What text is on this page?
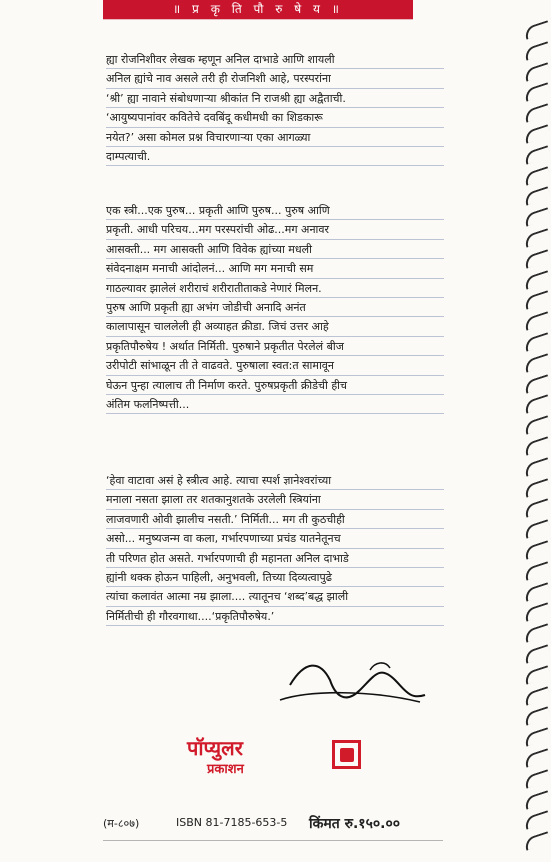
॥ प्र कृ ति पौ रु षे य ॥
ह्या रोजनिशीवर लेखक म्हणून अनिल दाभाडे आणि शायली
अनिल ह्यांचे नाव असले तरी ही रोजनिशी आहे, परस्परांना
‘श्री’ ह्या नावाने संबोधणाऱ्या श्रीकांत नि राजश्री ह्या अद्वैताची.
‘आयुष्यपानांवर कवितेचे दवबिंदू कधीमधी का शिडकारू
नयेत?’ असा कोमल प्रश्न विचारणाऱ्या एका आगळ्या
दाम्पत्याची.
एक स्त्री...एक पुरुष... प्रकृती आणि पुरुष... पुरुष आणि
प्रकृती. आधी परिचय...मग परस्परांची ओढ...मग अनावर
आसक्ती... मग आसक्ती आणि विवेक ह्यांच्या मधली
संवेदनाक्षम मनाची आंदोलनं... आणि मग मनाची सम
गाठल्यावर झालेलं शरीराचं शरीरातीताकडे नेणारं मिलन.
पुरुष आणि प्रकृती ह्या अभंग जोडीची अनादि अनंत
कालापासून चाललेली ही अव्याहत क्रीडा. जिचं उत्तर आहे
प्रकृतिपौरुषेय ! अर्थात निर्मिती. पुरुषाने प्रकृतीत पेरलेलं बीज
उरीपोटी सांभाळून ती ते वाढवते. पुरुषाला स्वत:त सामावून
घेऊन पुन्हा त्यालाच ती निर्माण करते. पुरुषप्रकृती क्रीडेची हीच
अंतिम फलनिष्पत्ती...
‘हेवा वाटावा असं हे स्त्रीत्व आहे. त्याचा स्पर्श ज्ञानेश्वरांच्या
मनाला नसता झाला तर शतकानुशतके उरलेली स्त्रियांना
लाजवणारी ओवी झालीच नसती.’ निर्मिती... मग ती कुठचीही
असो... मनुष्यजन्म वा कला, गर्भारपणाच्या प्रचंड यातनेतूनच
ती परिणत होत असते. गर्भारपणाची ही महानता अनिल दाभाडे
ह्यांनी थक्क होऊन पाहिली, अनुभवली, तिच्या दिव्यत्वापुढे
त्यांचा कलावंत आत्मा नम्र झाला.... त्यातूनच ‘शब्द’बद्ध झाली
निर्मितीची ही गौरवगाथा....‘प्रकृतिपौरुषेय.’
पॉप्युलर
प्रकाशन
(म-८०७)	ISBN 81-7185-653-5 किंमत रु.१५०.००
